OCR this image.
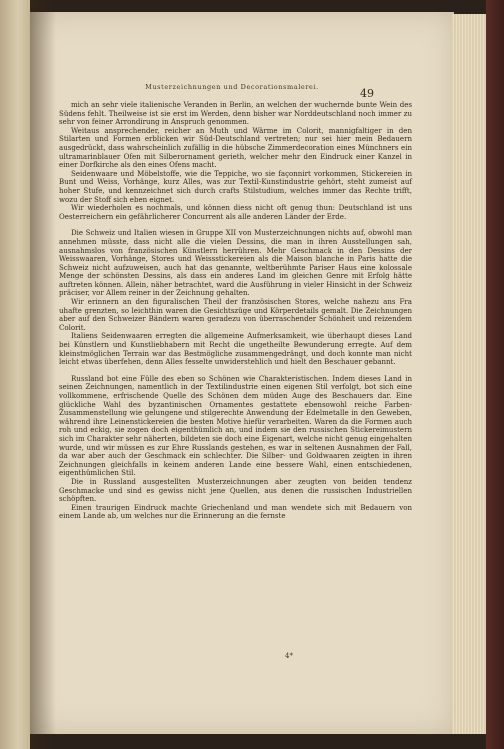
Musterzeichnungen und Decorationsmalerei.	49

mich an sehr viele italienische Veranden in Berlin, an welchen der wuchernde bunte Wein des Südens fehlt. Theilweise ist sie erst im Werden, denn bisher war Norddeutschland noch immer zu sehr von feiner Arrondirung in Anspruch genommen.

Weitaus ansprechender, reicher an Muth und Wärme im Colorit, mannigfaltiger in den Stilarten und Formen erblicken wir Süd-Deutschland vertreten; nur sei hier mein Bedauern ausgedrückt, dass wahrscheinlich zufällig in die hübsche Zimmerdecoration eines Münchners ein ultramarinblauer Ofen mit Silberornament gerieth, welcher mehr den Eindruck einer Kanzel in einer Dorfkirche als den eines Ofens macht.

Seidenwaare und Möbelstoffe, wie die Teppiche, wo sie façonnirt vorkommen, Stickereien in Bunt und Weiss, Vorhänge, kurz Alles, was zur Textil-Kunstindustrie gehört, steht zumeist auf hoher Stufe, und kennzeichnet sich durch crafts Stilstudium, welches immer das Rechte trifft, wozu der Stoff sich eben eignet.

Wir wiederholen es nochmals, und können diess nicht oft genug thun: Deutschland ist uns Oesterreichern ein gefährlicherer Concurrent als alle anderen Länder der Erde.

Die Schweiz und Italien wiesen in Gruppe XII von Musterzeichnungen nichts auf, obwohl man annehmen müsste, dass nicht alle die vielen Dessins, die man in ihren Ausstellungen sah, ausnahmslos von französischen Künstlern herrühren. Mehr Geschmack in den Dessins der Weisswaaren, Vorhänge, Stores und Weissstickereien als die Maison blanche in Paris hatte die Schweiz nicht aufzuweisen, auch hat das genannte, weltberühmte Pariser Haus eine kolossale Menge der schönsten Dessins, als dass ein anderes Land im gleichen Genre mit Erfolg hätte auftreten können. Allein, näher betrachtet, ward die Ausführung in vieler Hinsicht in der Schweiz präciser, vor Allem reiner in der Zeichnung gehalten.

Wir erinnern an den figuralischen Theil der französischen Stores, welche nahezu ans Fra uhafte grenzten, so leichthin waren die Gesichtszüge und Körperdetails gemalt. Die Zeichnungen aber auf den Schweizer Bändern waren geradezu von überraschender Schönheit und reizendem Colorit.

Italiens Seidenwaaren erregten die allgemeine Aufmerksamkeit, wie überhaupt dieses Land bei Künstlern und Kunstliebhabern mit Recht die ungetheilte Bewunderung erregte. Auf dem kleinstmöglichen Terrain war das Bestmögliche zusammengedrängt, und doch konnte man nicht leicht etwas überfehen, denn Alles fesselte unwiderstehlich und hielt den Beschauer gebannt.

Russland bot eine Fülle des eben so Schönen wie Charakteristischen. Indem dieses Land in seinen Zeichnungen, namentlich in der Textilindustrie einen eigenen Stil verfolgt, bot sich eine vollkommene, erfrischende Quelle des Schönen dem müden Auge des Beschauers dar. Eine glückliche Wahl des byzantinischen Ornamentes gestattete ebensowohl reiche Farben-Zusammenstellung wie gelungene und stilgerechte Anwendung der Edelmetalle in den Geweben, während ihre Leinenstickereien die besten Motive hiefür verarbeiten. Waren da die Formen auch roh und eckig, sie zogen doch eigenthümlich an, und indem sie den russischen Stickereimustern sich im Charakter sehr näherten, bildeten sie doch eine Eigenart, welche nicht genug eingehalten wurde, und wir müssen es zur Ehre Russlands gestehen, es war in seltenen Ausnahmen der Fall, da war aber auch der Geschmack ein schlechter. Die Silber- und Goldwaaren zeigten in ihren Zeichnungen gleichfalls in keinem anderen Lande eine bessere Wahl, einen entschiedenen, eigenthümlichen Stil.

Die in Russland ausgestellten Musterzeichnungen aber zeugten von beiden tendenz Geschmacke und sind es gewiss nicht jene Quellen, aus denen die russischen Industriellen schöpften.

Einen traurigen Eindruck machte Griechenland und man wendete sich mit Bedauern von einem Lande ab, um welches nur die Erinnerung an die fernste

4*
